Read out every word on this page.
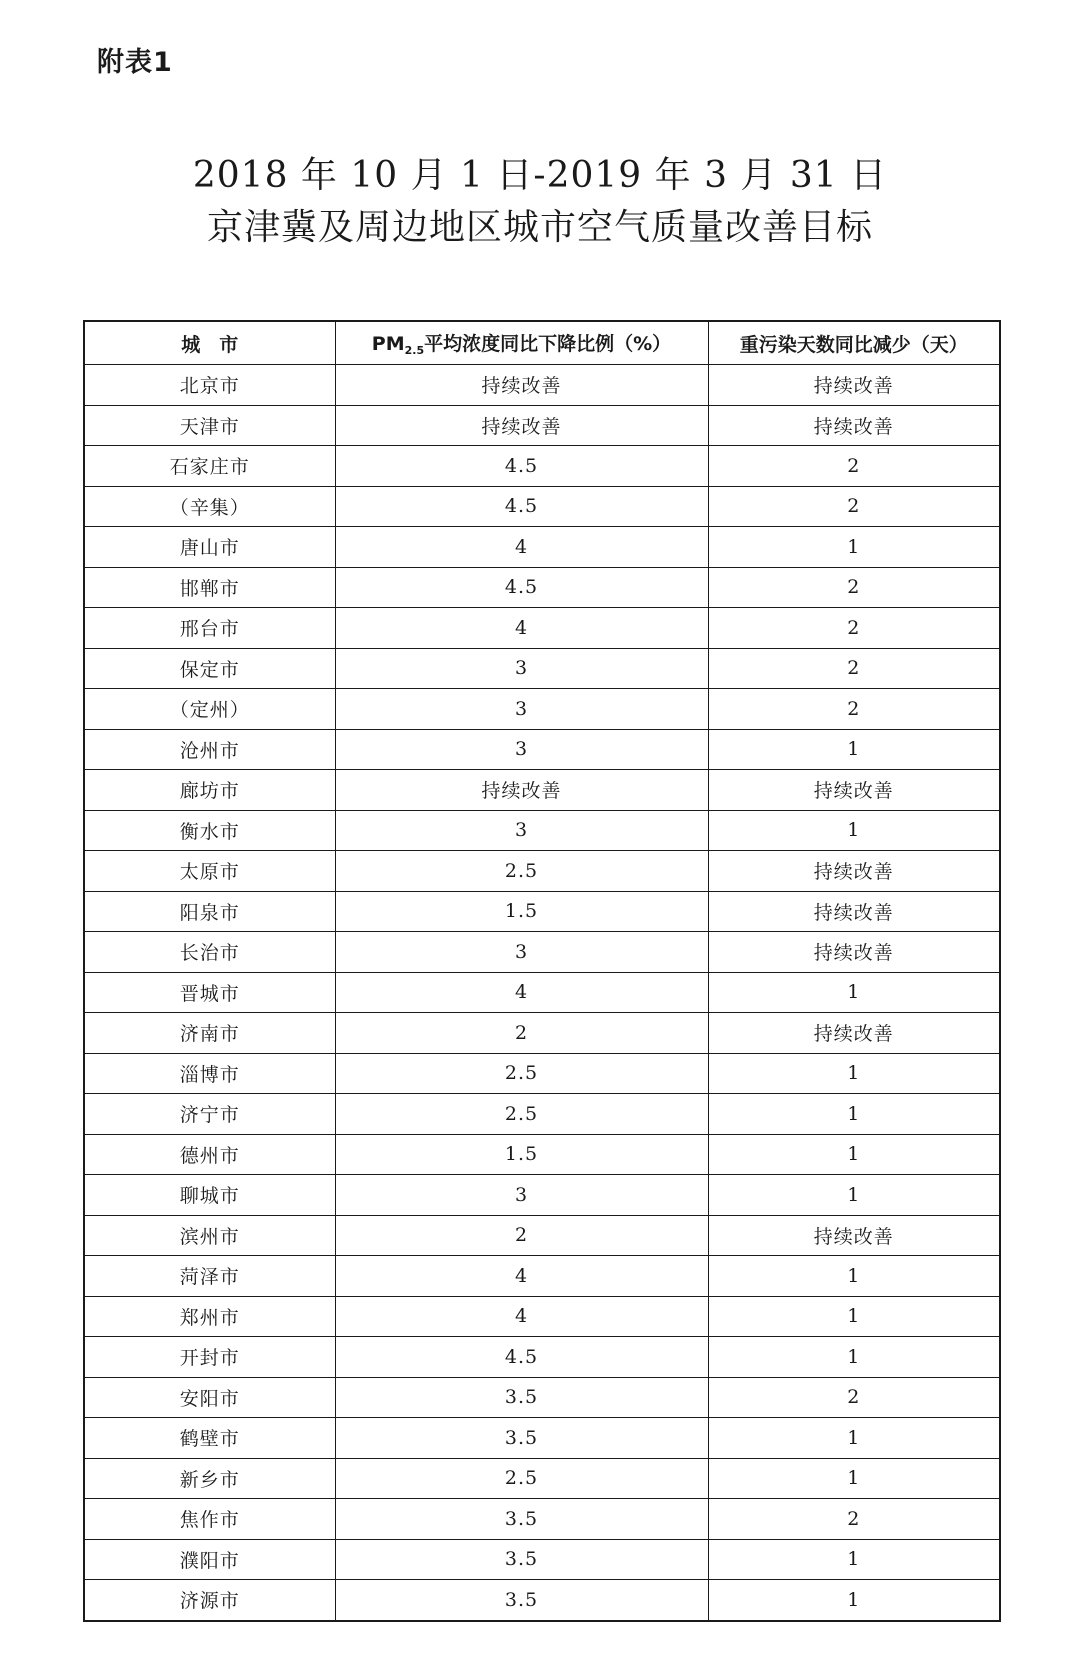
附表1
2018 年 10 月 1 日-2019 年 3 月 31 日
京津冀及周边地区城市空气质量改善目标
城　市	$PM_{2.5}$平均浓度同比下降比例（%）	重污染天数同比减少（天）
北京市	持续改善	持续改善
天津市	持续改善	持续改善
石家庄市	4.5	2
（辛集）	4.5	2
唐山市	4	1
邯郸市	4.5	2
邢台市	4	2
保定市	3	2
（定州）	3	2
沧州市	3	1
廊坊市	持续改善	持续改善
衡水市	3	1
太原市	2.5	持续改善
阳泉市	1.5	持续改善
长治市	3	持续改善
晋城市	4	1
济南市	2	持续改善
淄博市	2.5	1
济宁市	2.5	1
德州市	1.5	1
聊城市	3	1
滨州市	2	持续改善
菏泽市	4	1
郑州市	4	1
开封市	4.5	1
安阳市	3.5	2
鹤壁市	3.5	1
新乡市	2.5	1
焦作市	3.5	2
濮阳市	3.5	1
济源市	3.5	1
